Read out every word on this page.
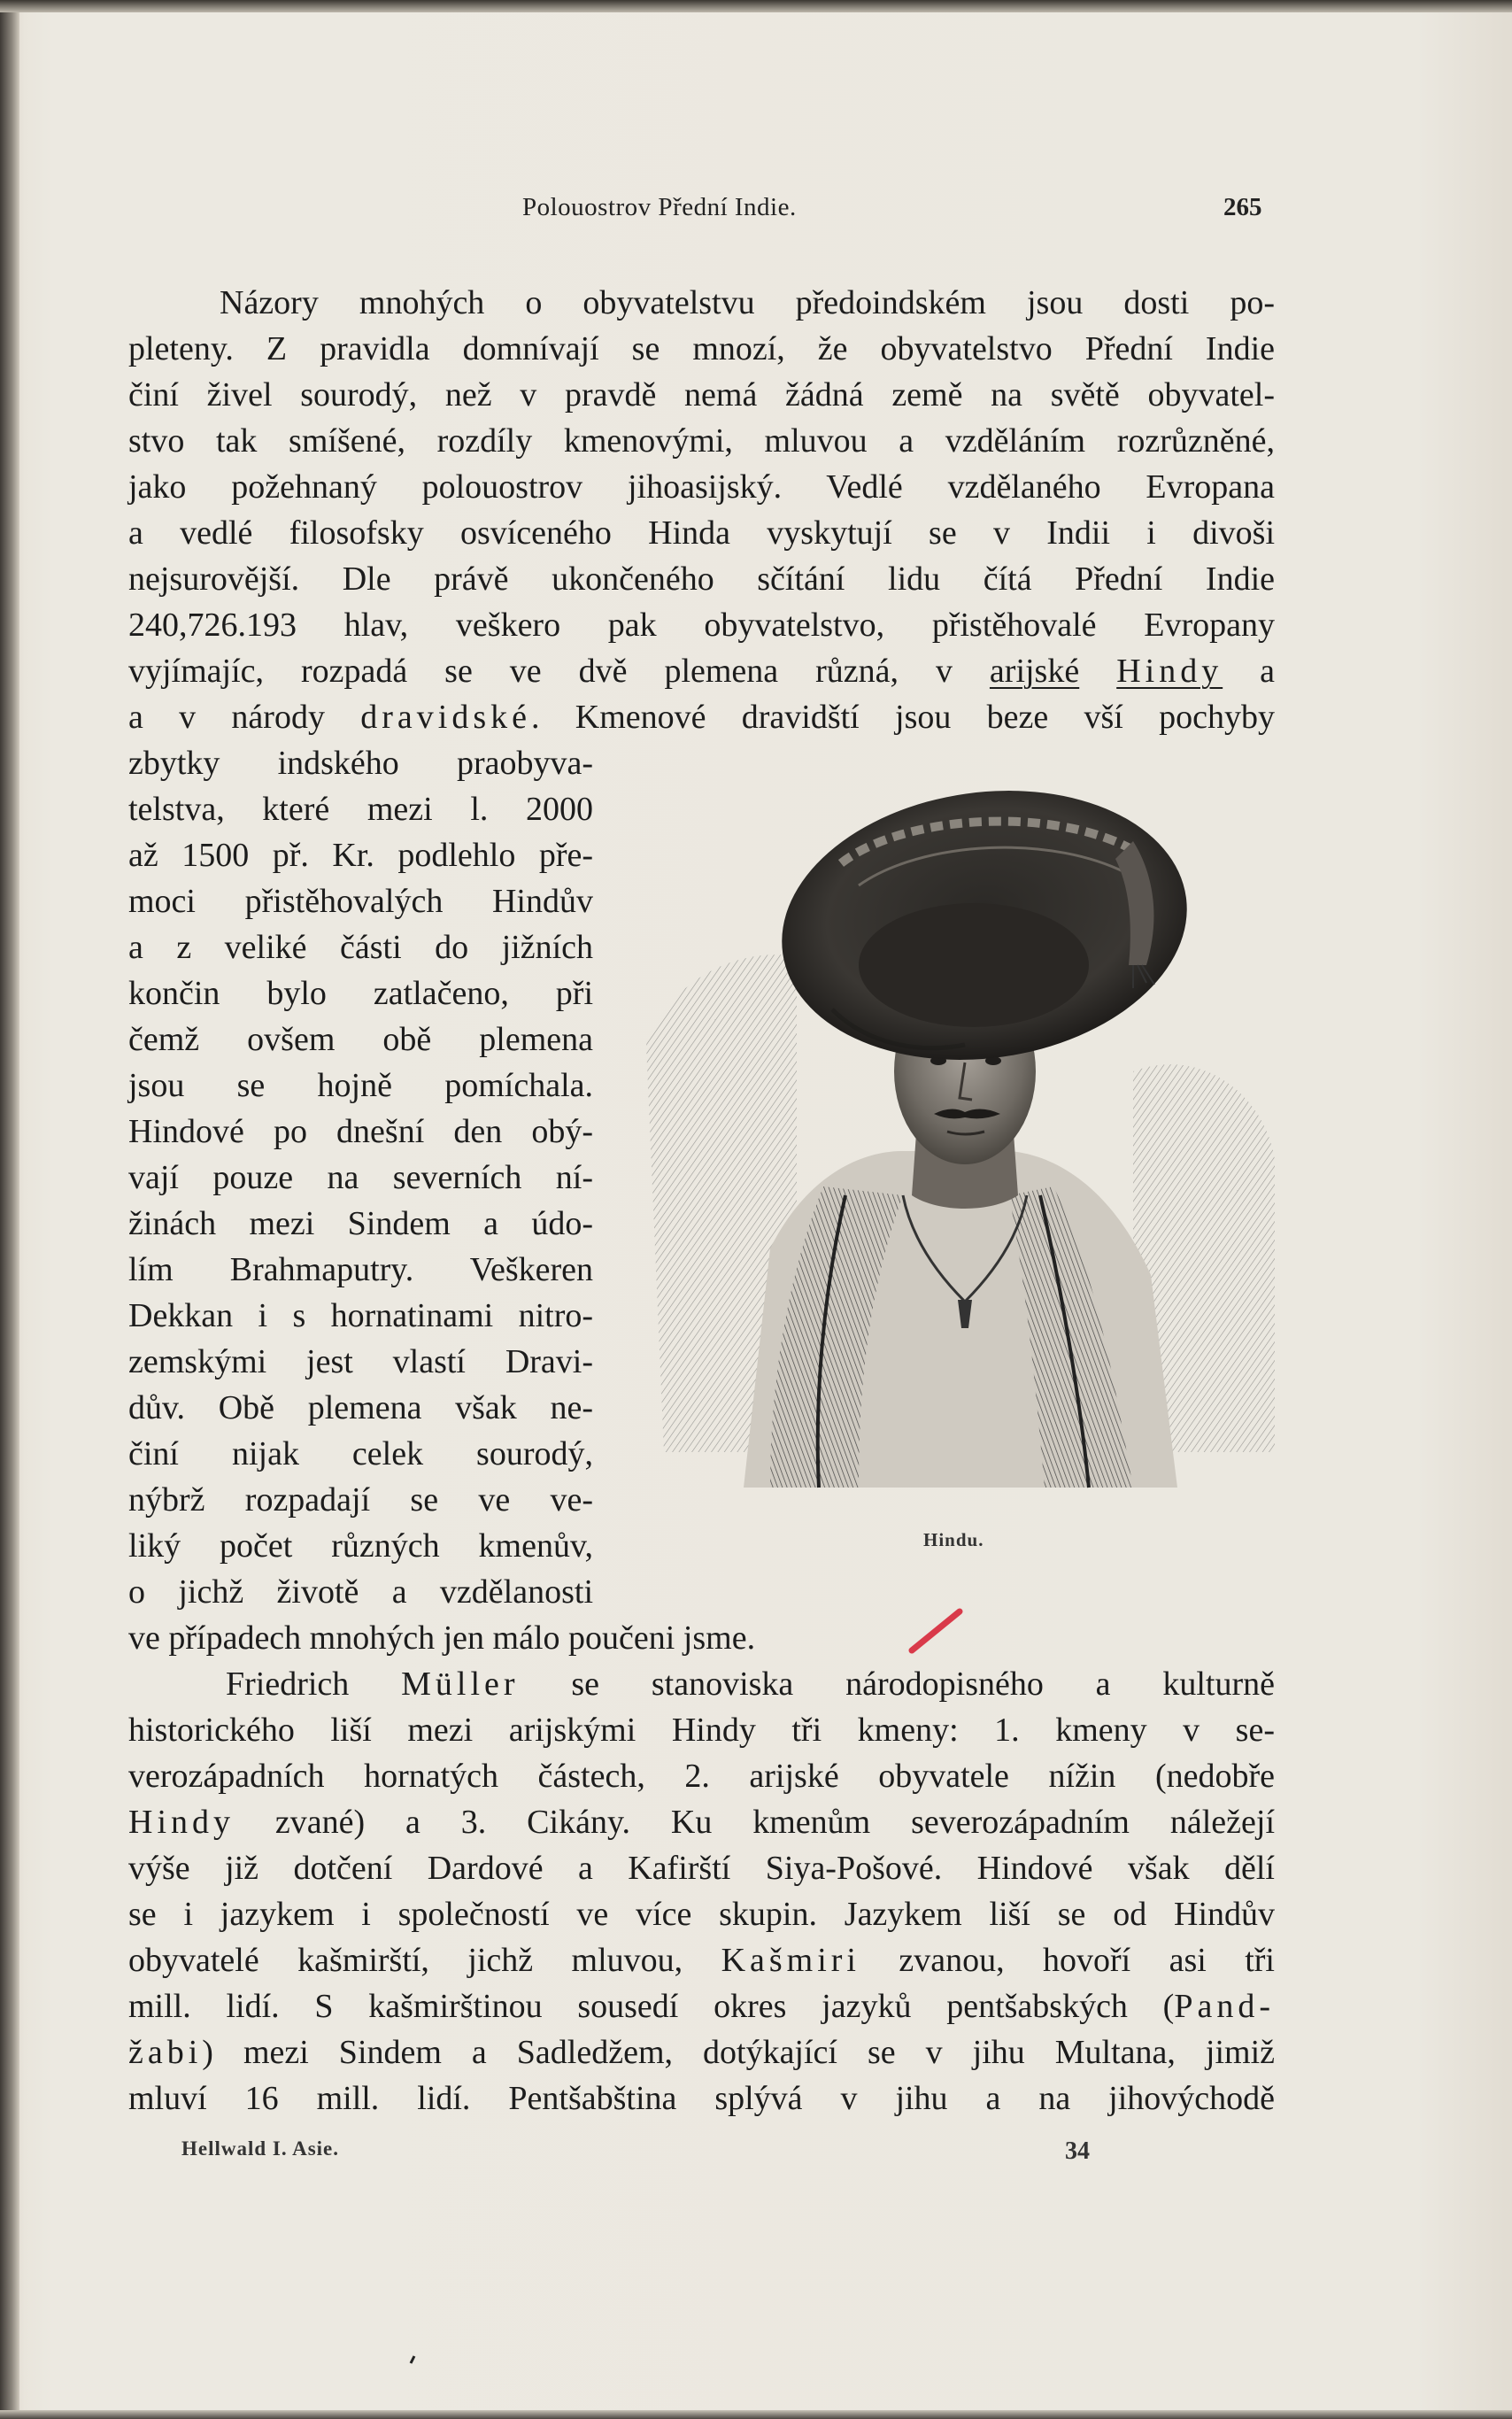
Polouostrov Přední Indie.	265
Názory mnohých o obyvatelstvu předoindském jsou dosti po-
pleteny. Z pravidla domnívají se mnozí, že obyvatelstvo Přední Indie
činí živel sourodý, než v pravdě nemá žádná země na světě obyvatel-
stvo tak smíšené, rozdíly kmenovými, mluvou a vzděláním rozrůzněné,
jako požehnaný polouostrov jihoasijský. Vedlé vzdělaného Evropana
a vedlé filosofsky osvíceného Hinda vyskytují se v Indii i divoši
nejsurovější. Dle právě ukončeného sčítání lidu čítá Přední Indie
240,726.193 hlav, veškero pak obyvatelstvo, přistěhovalé Evropany
vyjímajíc, rozpadá se ve dvě plemena různá, v arijské Hindy a
a v národy dravidské. Kmenové dravidští jsou beze vší pochyby
zbytky indského praobyva-
telstva, které mezi l. 2000
až 1500 př. Kr. podlehlo pře-
moci přistěhovalých Hindův
a z veliké části do jižních
končin bylo zatlačeno, při
čemž ovšem obě plemena
jsou se hojně pomíchala.
Hindové po dnešní den obý-
vají pouze na severních ní-
žinách mezi Sindem a údo-
lím Brahmaputry. Veškeren
Dekkan i s hornatinami nitro-
zemskými jest vlastí Dravi-
dův. Obě plemena však ne-
činí nijak celek sourodý,
nýbrž rozpadají se ve ve-
liký počet různých kmenův,
o jichž životě a vzdělanosti
ve případech mnohých jen málo poučeni jsme.
Friedrich Müller se stanoviska národopisného a kulturně
historického liší mezi arijskými Hindy tři kmeny: 1. kmeny v se-
verozápadních hornatých částech, 2. arijské obyvatele nížin (nedobře
Hindy zvané) a 3. Cikány. Ku kmenům severozápadním náležejí
výše již dotčení Dardové a Kafirští Siya-Pošové. Hindové však dělí
se i jazykem i společností ve více skupin. Jazykem liší se od Hindův
obyvatelé kašmirští, jichž mluvou, Kašmiri zvanou, hovoří asi tři
mill. lidí. S kašmirštinou sousedí okres jazyků pentšabských (Pand-
žabi) mezi Sindem a Sadledžem, dotýkající se v jihu Multana, jimiž
mluví 16 mill. lidí. Pentšabština splývá v jihu a na jihovýchodě
Hindu.
Hellwald I. Asie.	34
